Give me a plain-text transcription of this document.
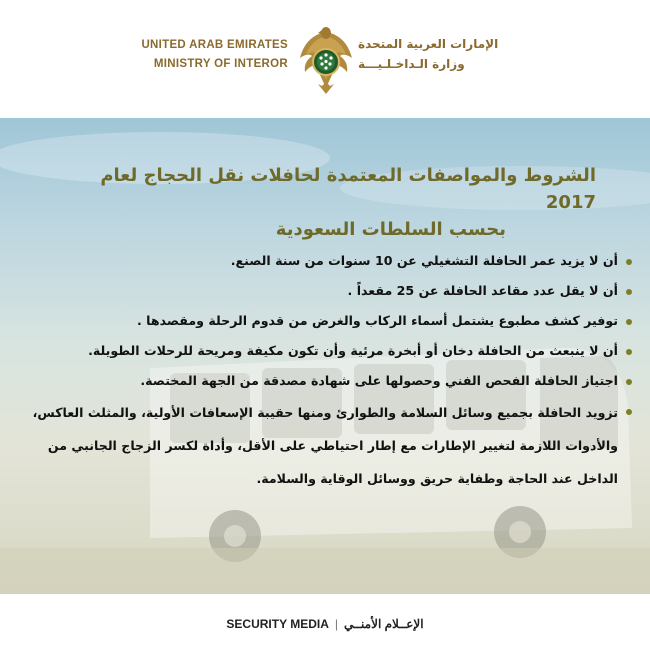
UNITED ARAB EMIRATES
MINISTRY OF INTEROR
الإمارات العربية المتحدة
وزارة الـداخـلـيـــة
الشروط والمواصفات المعتمدة لحافلات نقل الحجاج لعام 2017
بحسب السلطات السعودية
أن لا يزيد عمر الحافلة التشغيلي عن 10 سنوات من سنة الصنع.
أن لا يقل عدد مقاعد الحافلة عن 25 مقعداً .
توفير كشف مطبوع يشتمل أسماء الركاب والغرض من قدوم الرحلة ومقصدها .
أن لا ينبعث من الحافلة دخان أو أبخرة مرئية وأن تكون مكيفة ومريحة للرحلات الطويلة.
اجتياز الحافلة الفحص الفني وحصولها على شهادة مصدقة من الجهة المختصة.
تزويد الحافلة بجميع وسائل السلامة والطوارئ ومنها حقيبة الإسعافات الأولية، والمثلث العاكس، والأدوات اللازمة لتغيير الإطارات مع إطار احتياطي على الأقل، وأداة لكسر الزجاج الجانبي من الداخل عند الحاجة وطفاية حريق ووسائل الوقاية والسلامة.
SECURITY MEDIA | الإعــلام الأمنــي
